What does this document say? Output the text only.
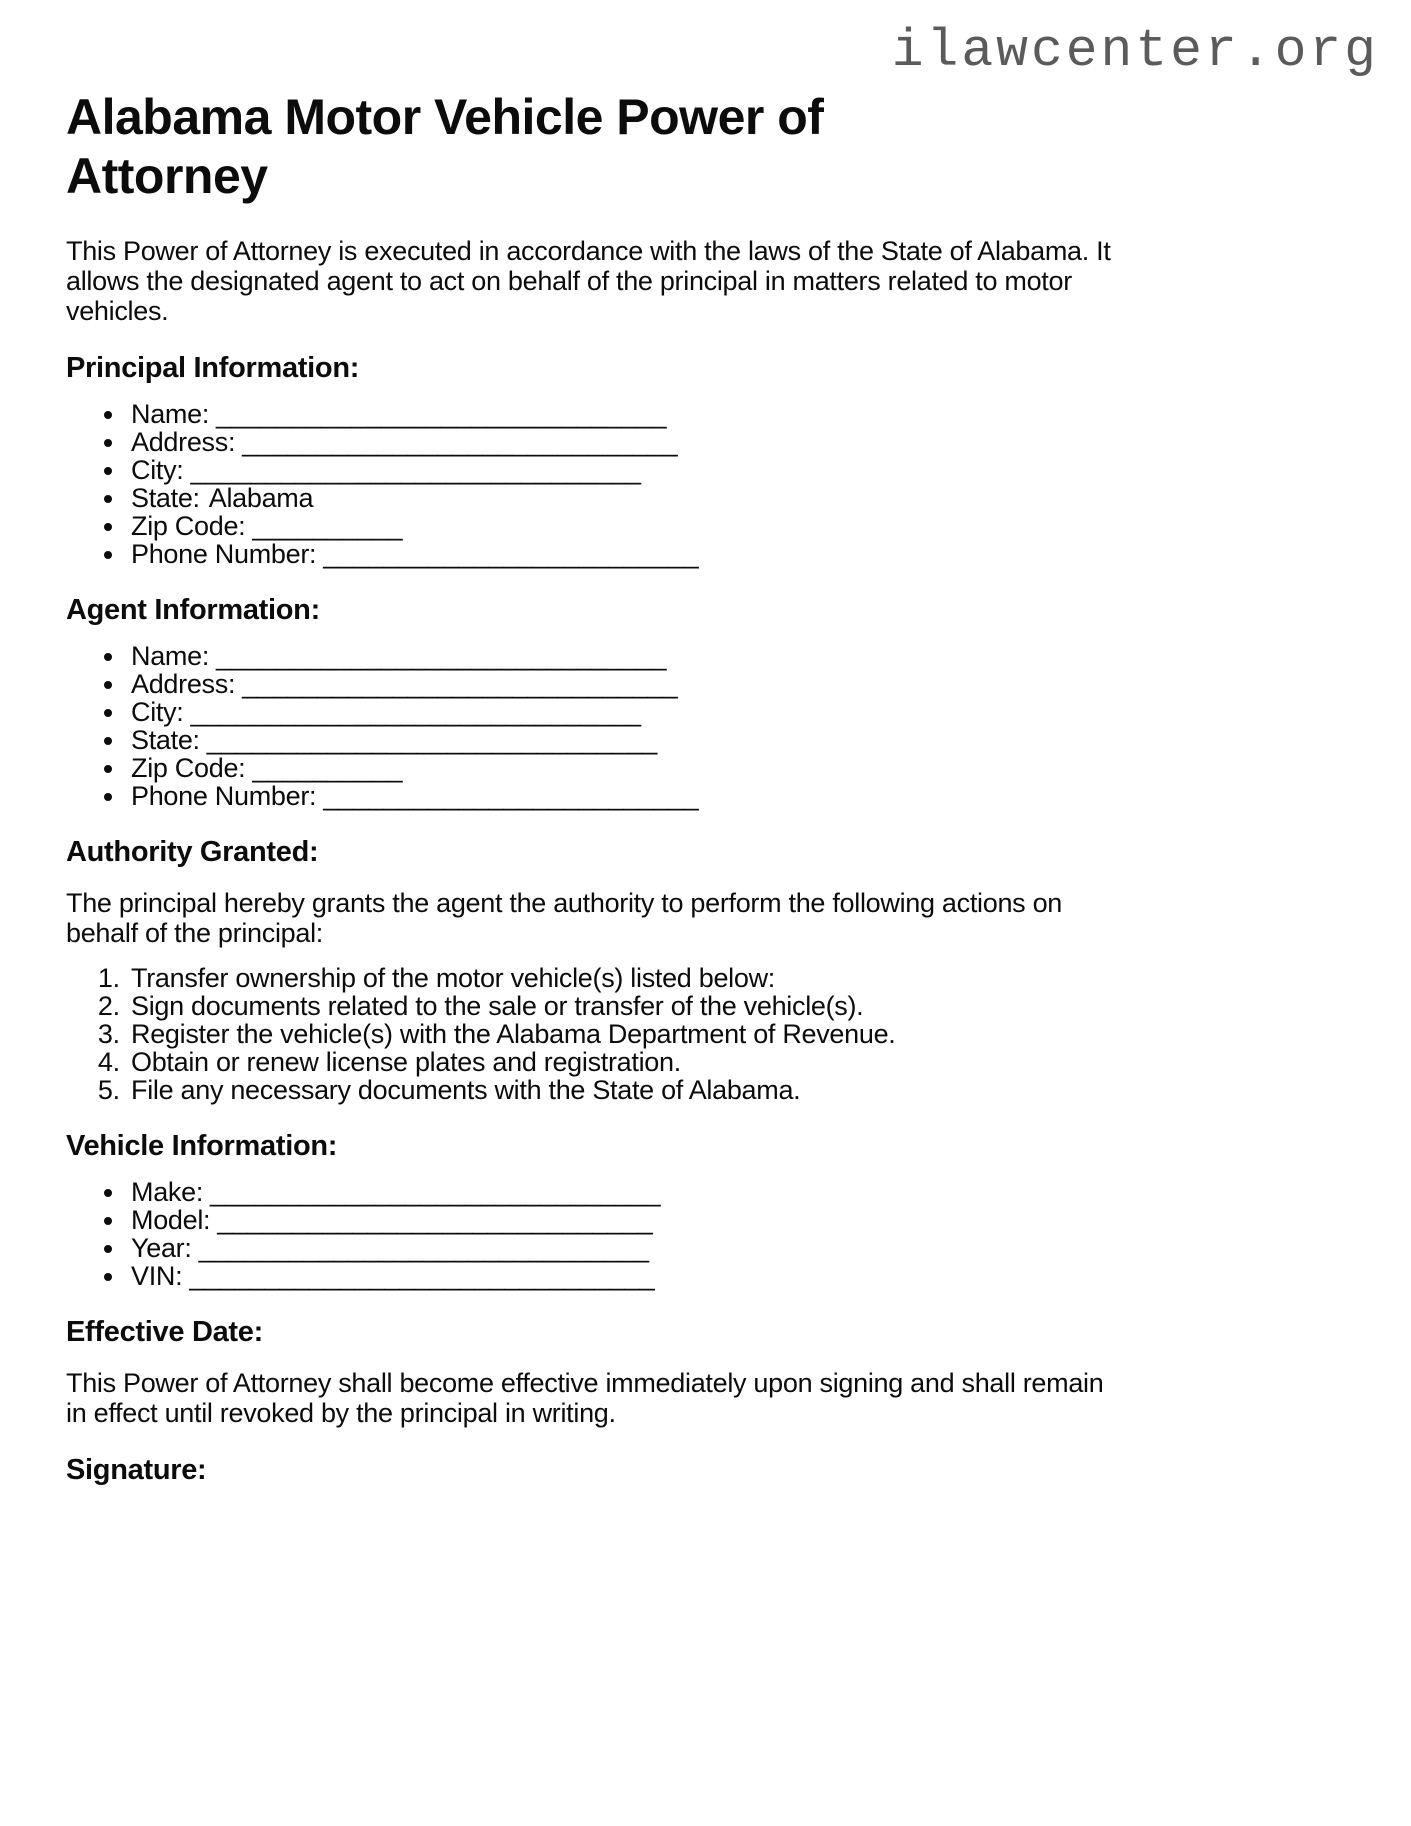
ilawcenter.org
Alabama Motor Vehicle Power of
Attorney
This Power of Attorney is executed in accordance with the laws of the State of Alabama. It
allows the designated agent to act on behalf of the principal in matters related to motor
vehicles.
Principal Information:
• Name: ______________________________
• Address: _____________________________
• City: ______________________________
• State: Alabama
• Zip Code: __________
• Phone Number: _________________________
Agent Information:
• Name: ______________________________
• Address: _____________________________
• City: ______________________________
• State: ______________________________
• Zip Code: __________
• Phone Number: _________________________
Authority Granted:
The principal hereby grants the agent the authority to perform the following actions on
behalf of the principal:
1. Transfer ownership of the motor vehicle(s) listed below:
2. Sign documents related to the sale or transfer of the vehicle(s).
3. Register the vehicle(s) with the Alabama Department of Revenue.
4. Obtain or renew license plates and registration.
5. File any necessary documents with the State of Alabama.
Vehicle Information:
• Make: ______________________________
• Model: _____________________________
• Year: ______________________________
• VIN: _______________________________
Effective Date:
This Power of Attorney shall become effective immediately upon signing and shall remain
in effect until revoked by the principal in writing.
Signature:
